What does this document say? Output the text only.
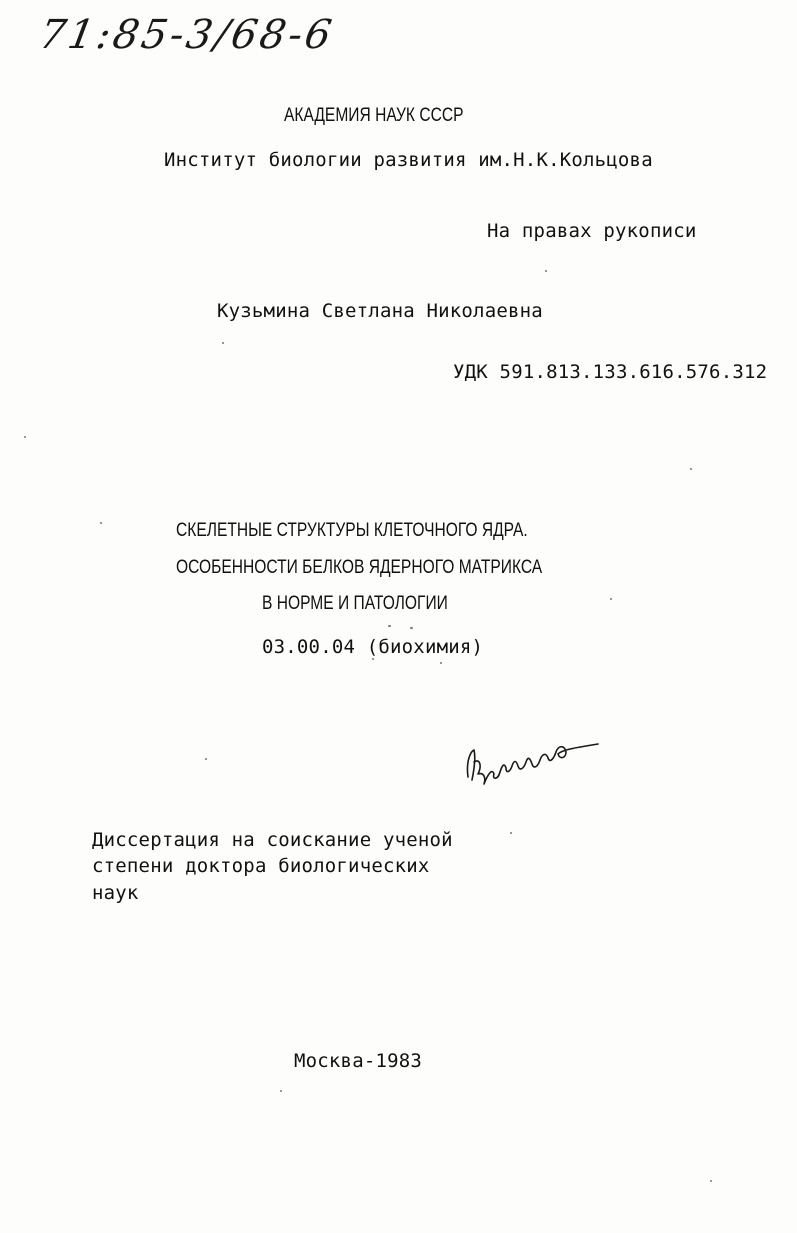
71:85-3/68-6
АКАДЕМИЯ НАУК СССР
Институт биологии развития им.Н.К.Кольцова
На правах рукописи
Кузьмина Светлана Николаевна
УДК 591.813.133.616.576.312
СКЕЛЕТНЫЕ СТРУКТУРЫ КЛЕТОЧНОГО ЯДРА.
ОСОБЕННОСТИ БЕЛКОВ ЯДЕРНОГО МАТРИКСА
В НОРМЕ И ПАТОЛОГИИ
03.00.04 (биохимия)
Диссертация на соискание ученой
степени доктора биологических
наук
Москва-1983
